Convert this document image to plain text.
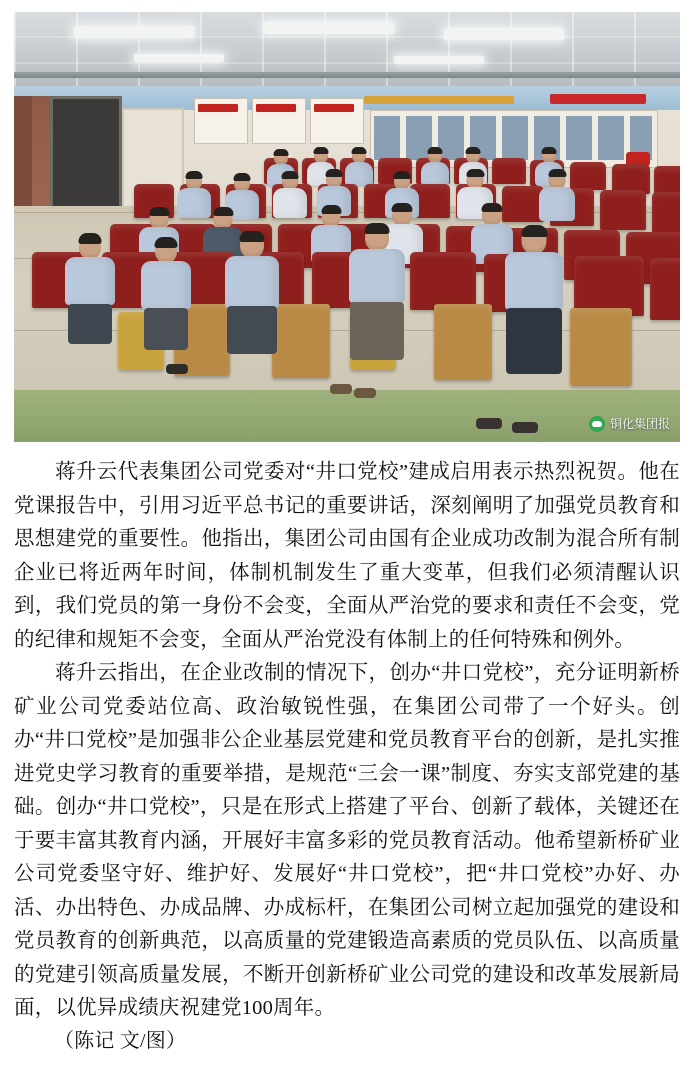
铜化集团报

蒋升云代表集团公司党委对“井口党校”建成启用表示热烈祝贺。他在党课报告中，引用习近平总书记的重要讲话，深刻阐明了加强党员教育和思想建党的重要性。他指出，集团公司由国有企业成功改制为混合所有制企业已将近两年时间，体制机制发生了重大变革，但我们必须清醒认识到，我们党员的第一身份不会变，全面从严治党的要求和责任不会变，党的纪律和规矩不会变，全面从严治党没有体制上的任何特殊和例外。

蒋升云指出，在企业改制的情况下，创办“井口党校”，充分证明新桥矿业公司党委站位高、政治敏锐性强，在集团公司带了一个好头。创办“井口党校”是加强非公企业基层党建和党员教育平台的创新，是扎实推进党史学习教育的重要举措，是规范“三会一课”制度、夯实支部党建的基础。创办“井口党校”，只是在形式上搭建了平台、创新了载体，关键还在于要丰富其教育内涵，开展好丰富多彩的党员教育活动。他希望新桥矿业公司党委坚守好、维护好、发展好“井口党校”，把“井口党校”办好、办活、办出特色、办成品牌、办成标杆，在集团公司树立起加强党的建设和党员教育的创新典范，以高质量的党建锻造高素质的党员队伍、以高质量的党建引领高质量发展，不断开创新桥矿业公司党的建设和改革发展新局面，以优异成绩庆祝建党100周年。

（陈记 文/图）
